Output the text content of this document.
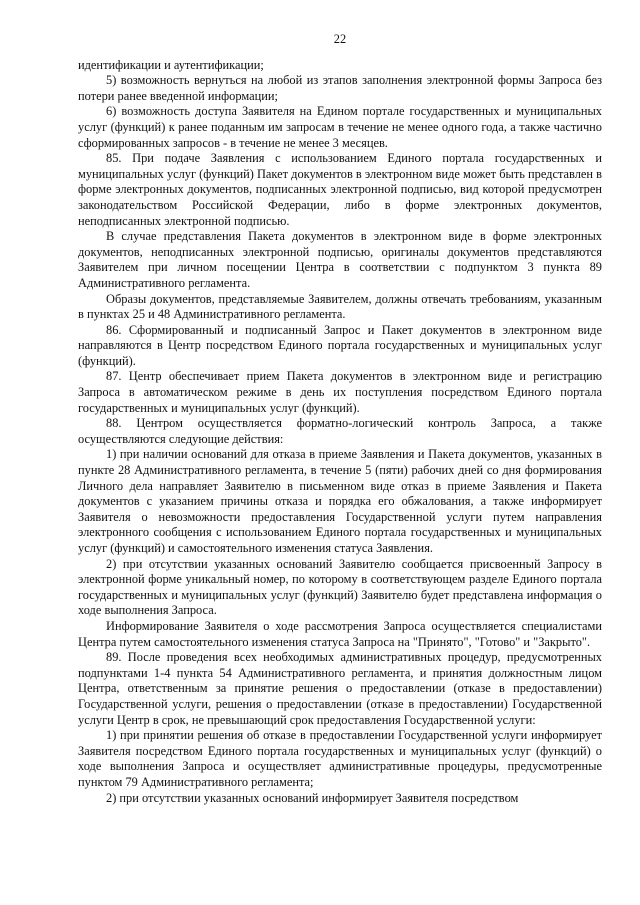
22

идентификации и аутентификации;

5) возможность вернуться на любой из этапов заполнения электронной формы Запроса без потери ранее введенной информации;

6) возможность доступа Заявителя на Едином портале государственных и муниципальных услуг (функций) к ранее поданным им запросам в течение не менее одного года, а также частично сформированных запросов - в течение не менее 3 месяцев.

85. При подаче Заявления с использованием Единого портала государственных и муниципальных услуг (функций) Пакет документов в электронном виде может быть представлен в форме электронных документов, подписанных электронной подписью, вид которой предусмотрен законодательством Российской Федерации, либо в форме электронных документов, неподписанных электронной подписью.

В случае представления Пакета документов в электронном виде в форме электронных документов, неподписанных электронной подписью, оригиналы документов представляются Заявителем при личном посещении Центра в соответствии с подпунктом 3 пункта 89 Административного регламента.

Образы документов, представляемые Заявителем, должны отвечать требованиям, указанным в пунктах 25 и 48 Административного регламента.

86. Сформированный и подписанный Запрос и Пакет документов в электронном виде направляются в Центр посредством Единого портала государственных и муниципальных услуг (функций).

87. Центр обеспечивает прием Пакета документов в электронном виде и регистрацию Запроса в автоматическом режиме в день их поступления посредством Единого портала государственных и муниципальных услуг (функций).

88. Центром осуществляется форматно-логический контроль Запроса, а также осуществляются следующие действия:

1) при наличии оснований для отказа в приеме Заявления и Пакета документов, указанных в пункте 28 Административного регламента, в течение 5 (пяти) рабочих дней со дня формирования Личного дела направляет Заявителю в письменном виде отказ в приеме Заявления и Пакета документов с указанием причины отказа и порядка его обжалования, а также информирует Заявителя о невозможности предоставления Государственной услуги путем направления электронного сообщения с использованием Единого портала государственных и муниципальных услуг (функций) и самостоятельного изменения статуса Заявления.

2) при отсутствии указанных оснований Заявителю сообщается присвоенный Запросу в электронной форме уникальный номер, по которому в соответствующем разделе Единого портала государственных и муниципальных услуг (функций) Заявителю будет представлена информация о ходе выполнения Запроса.

Информирование Заявителя о ходе рассмотрения Запроса осуществляется специалистами Центра путем самостоятельного изменения статуса Запроса на "Принято", "Готово" и "Закрыто".

89. После проведения всех необходимых административных процедур, предусмотренных подпунктами 1-4 пункта 54 Административного регламента, и принятия должностным лицом Центра, ответственным за принятие решения о предоставлении (отказе в предоставлении) Государственной услуги, решения о предоставлении (отказе в предоставлении) Государственной услуги Центр в срок, не превышающий срок предоставления Государственной услуги:

1) при принятии решения об отказе в предоставлении Государственной услуги информирует Заявителя посредством Единого портала государственных и муниципальных услуг (функций) о ходе выполнения Запроса и осуществляет административные процедуры, предусмотренные пунктом 79 Административного регламента;

2) при отсутствии указанных оснований информирует Заявителя посредством
